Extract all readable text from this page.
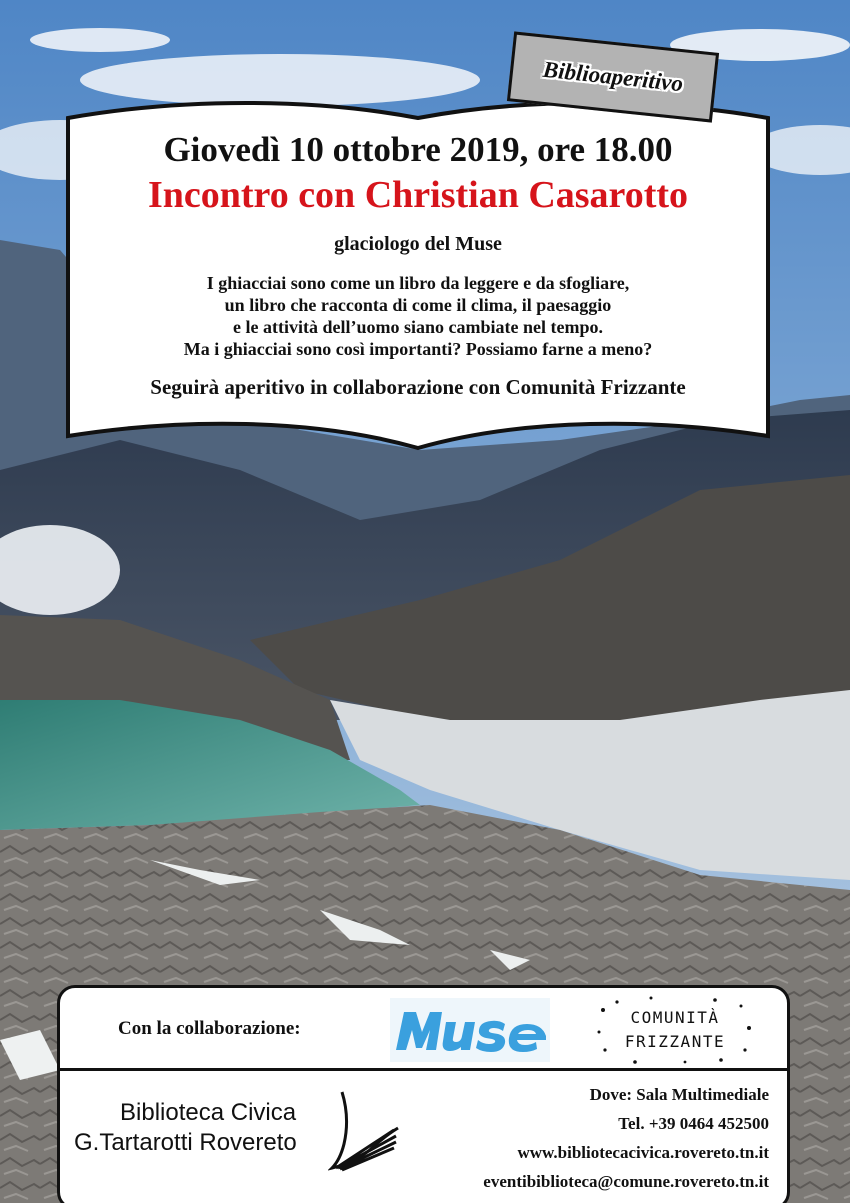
Biblioaperitivo
Giovedì 10 ottobre 2019, ore 18.00
Incontro con Christian Casarotto
glaciologo del Muse
I ghiacciai sono come un libro da leggere e da sfogliare,
un libro che racconta di come il clima, il paesaggio
e le attività dell’uomo siano cambiate nel tempo.
Ma i ghiacciai sono così importanti? Possiamo farne a meno?
Seguirà aperitivo in collaborazione con Comunità Frizzante
Con la collaborazione:
COMUNITÀ
FRIZZANTE
Biblioteca Civica
G.Tartarotti Rovereto
Dove: Sala Multimediale
Tel. +39 0464 452500
www.bibliotecacivica.rovereto.tn.it
eventibiblioteca@comune.rovereto.tn.it
